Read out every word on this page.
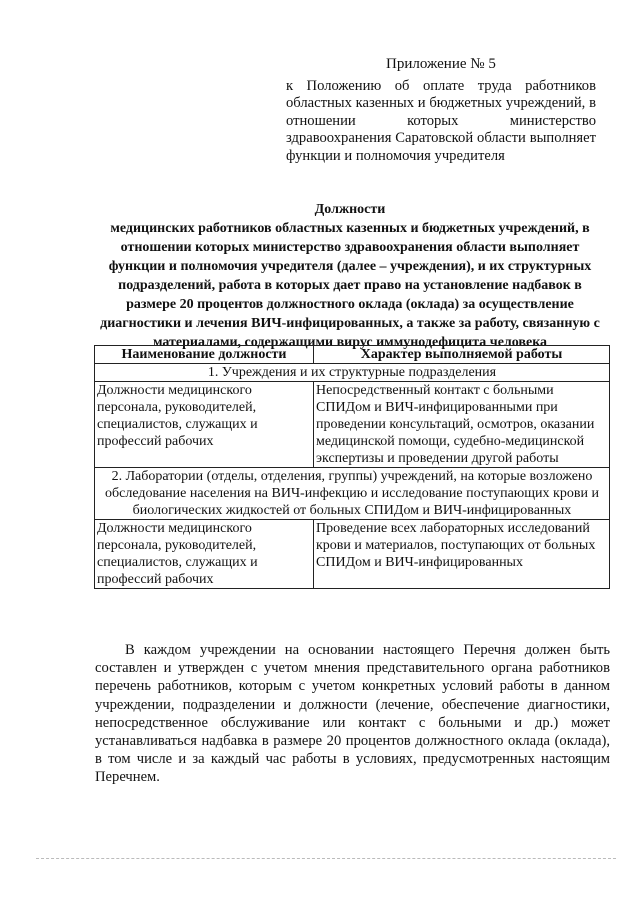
Приложение № 5

к Положению об оплате труда работников областных казенных и бюджетных учреждений, в отношении которых министерство здравоохранения Саратовской области выполняет функции и полномочия учредителя

Должности
медицинских работников областных казенных и бюджетных учреждений, в отношении которых министерство здравоохранения области выполняет функции и полномочия учредителя (далее – учреждения), и их структурных подразделений, работа в которых дает право на установление надбавок в размере 20 процентов должностного оклада (оклада) за осуществление диагностики и лечения ВИЧ-инфицированных, а также за работу, связанную с материалами, содержащими вирус иммунодефицита человека
Наименование должности	Характер выполняемой работы
1. Учреждения и их структурные подразделения	
Должности медицинского персонала, руководителей, специалистов, служащих и профессий рабочих	Непосредственный контакт с больными СПИДом и ВИЧ-инфицированными при проведении консультаций, осмотров, оказании медицинской помощи, судебно-медицинской экспертизы и проведении другой работы
2. Лаборатории (отделы, отделения, группы) учреждений, на которые возложено обследование населения на ВИЧ-инфекцию и исследование поступающих крови и биологических жидкостей от больных СПИДом и ВИЧ-инфицированных	
Должности медицинского персонала, руководителей, специалистов, служащих и профессий рабочих	Проведение всех лабораторных исследований крови и материалов, поступающих от больных СПИДом и ВИЧ-инфицированных

В каждом учреждении на основании настоящего Перечня должен быть составлен и утвержден с учетом мнения представительного органа работников перечень работников, которым с учетом конкретных условий работы в данном учреждении, подразделении и должности (лечение, обеспечение диагностики, непосредственное обслуживание или контакт с больными и др.) может устанавливаться надбавка в размере 20 процентов должностного оклада (оклада), в том числе и за каждый час работы в условиях, предусмотренных настоящим Перечнем.
